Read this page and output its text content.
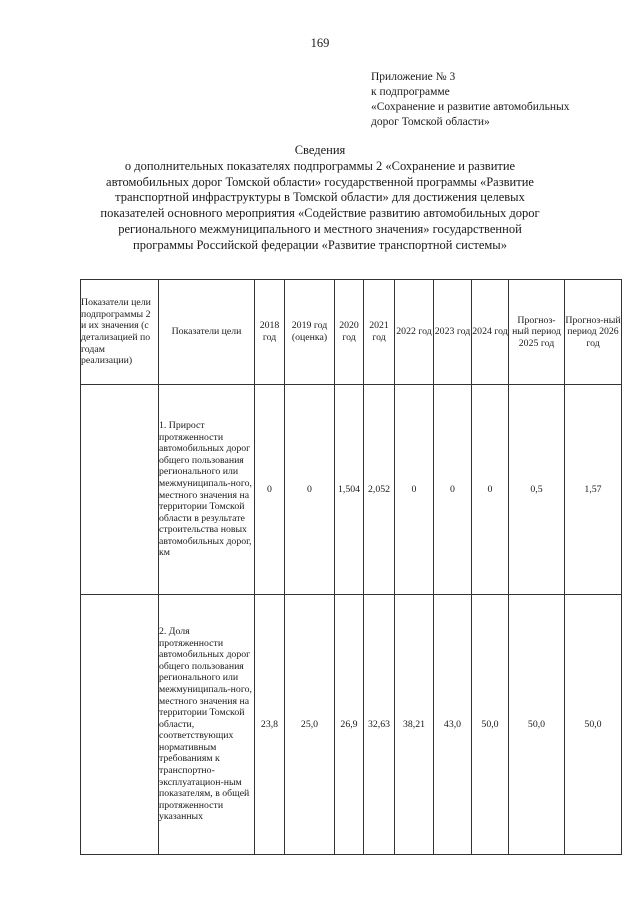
169
Приложение № 3
к подпрограмме
«Сохранение и развитие автомобильных
дорог Томской области»
Сведения
о дополнительных показателях подпрограммы 2 «Сохранение и развитие
автомобильных дорог Томской области» государственной программы «Развитие
транспортной инфраструктуры в Томской области» для достижения целевых
показателей основного мероприятия «Содействие развитию автомобильных дорог
регионального межмуниципального и местного значения» государственной
программы Российской федерации «Развитие транспортной системы»
Показатели цели подпрограммы 2 и их значения (с детализацией по годам реализации)	Показатели цели	2018 год	2019 год (оценка)	2020 год	2021 год	2022 год	2023 год	2024 год	Прогноз-ный период 2025 год	Прогноз-ный период 2026 год
	1. Прирост протяженности автомобильных дорог общего пользования регионального или межмуниципаль-ного, местного значения на территории Томской области в результате строительства новых автомобильных дорог, км	0	0	1,504	2,052	0	0	0	0,5	1,57
	2. Доля протяженности автомобильных дорог общего пользования регионального или межмуниципаль-ного, местного значения на территории Томской области, соответствующих нормативным требованиям к транспортно-эксплуатацион-ным показателям, в общей протяженности указанных	23,8	25,0	26,9	32,63	38,21	43,0	50,0	50,0	50,0
